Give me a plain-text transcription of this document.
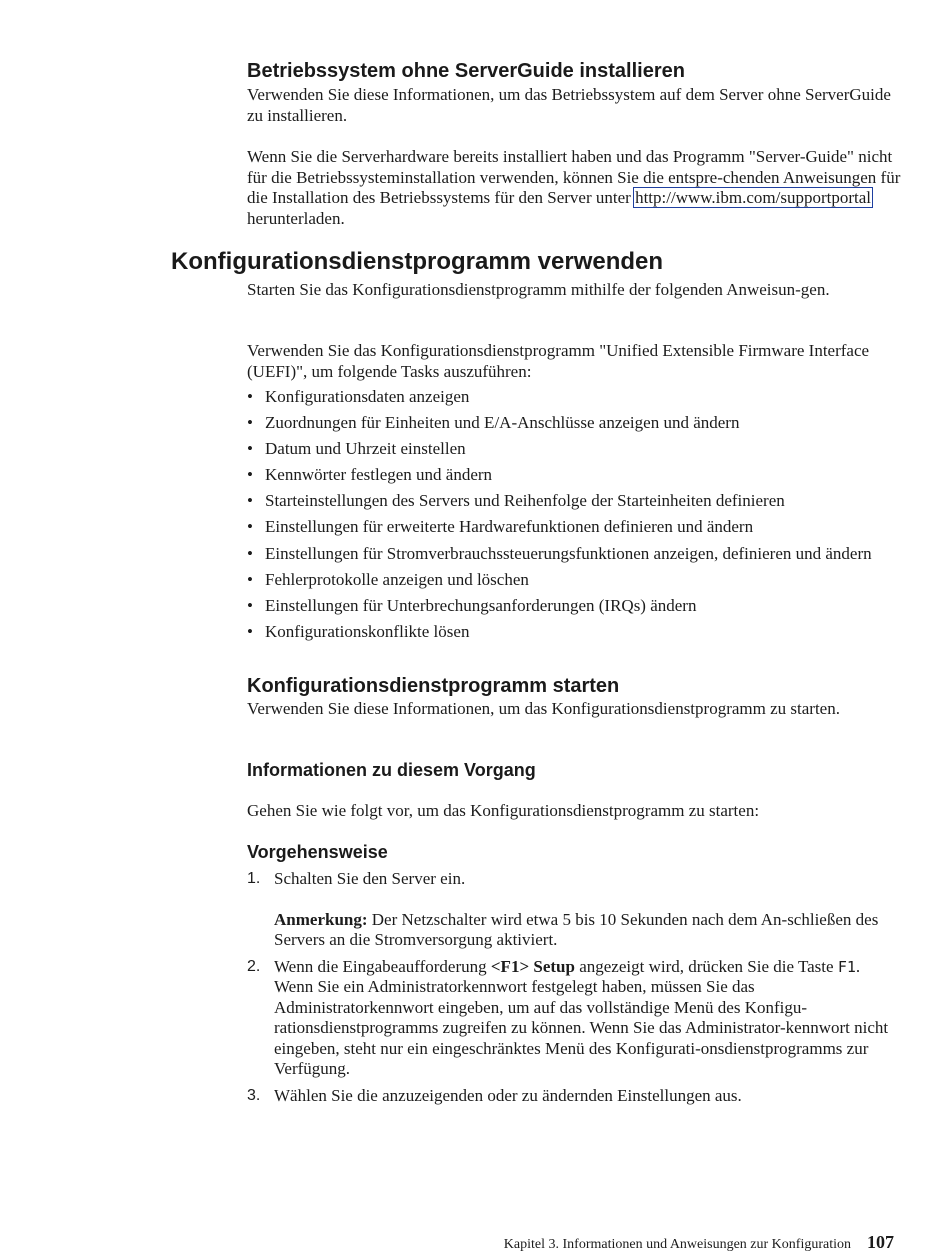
Betriebssystem ohne ServerGuide installieren

Verwenden Sie diese Informationen, um das Betriebssystem auf dem Server ohne ServerGuide zu installieren.

Wenn Sie die Serverhardware bereits installiert haben und das Programm "Server-Guide" nicht für die Betriebssysteminstallation verwenden, können Sie die entspre-chenden Anweisungen für die Installation des Betriebssystems für den Server unter http://www.ibm.com/supportportal herunterladen.

Konfigurationsdienstprogramm verwenden

Starten Sie das Konfigurationsdienstprogramm mithilfe der folgenden Anweisun-gen.

Verwenden Sie das Konfigurationsdienstprogramm "Unified Extensible Firmware Interface (UEFI)", um folgende Tasks auszuführen:

• Konfigurationsdaten anzeigen
• Zuordnungen für Einheiten und E/A-Anschlüsse anzeigen und ändern
• Datum und Uhrzeit einstellen
• Kennwörter festlegen und ändern
• Starteinstellungen des Servers und Reihenfolge der Starteinheiten definieren
• Einstellungen für erweiterte Hardwarefunktionen definieren und ändern
• Einstellungen für Stromverbrauchssteuerungsfunktionen anzeigen, definieren und ändern
• Fehlerprotokolle anzeigen und löschen
• Einstellungen für Unterbrechungsanforderungen (IRQs) ändern
• Konfigurationskonflikte lösen
Konfigurationsdienstprogramm starten

Verwenden Sie diese Informationen, um das Konfigurationsdienstprogramm zu starten.

Informationen zu diesem Vorgang

Gehen Sie wie folgt vor, um das Konfigurationsdienstprogramm zu starten:

Vorgehensweise
1. Schalten Sie den Server ein.
Anmerkung: Der Netzschalter wird etwa 5 bis 10 Sekunden nach dem An-schließen des Servers an die Stromversorgung aktiviert.
2. Wenn die Eingabeaufforderung <F1> Setup angezeigt wird, drücken Sie die Taste F1. Wenn Sie ein Administratorkennwort festgelegt haben, müssen Sie das Administratorkennwort eingeben, um auf das vollständige Menü des Konfigu-rationsdienstprogramms zugreifen zu können. Wenn Sie das Administrator-kennwort nicht eingeben, steht nur ein eingeschränktes Menü des Konfigurati-onsdienstprogramms zur Verfügung.
3. Wählen Sie die anzuzeigenden oder zu ändernden Einstellungen aus.
Kapitel 3. Informationen und Anweisungen zur Konfiguration 107
